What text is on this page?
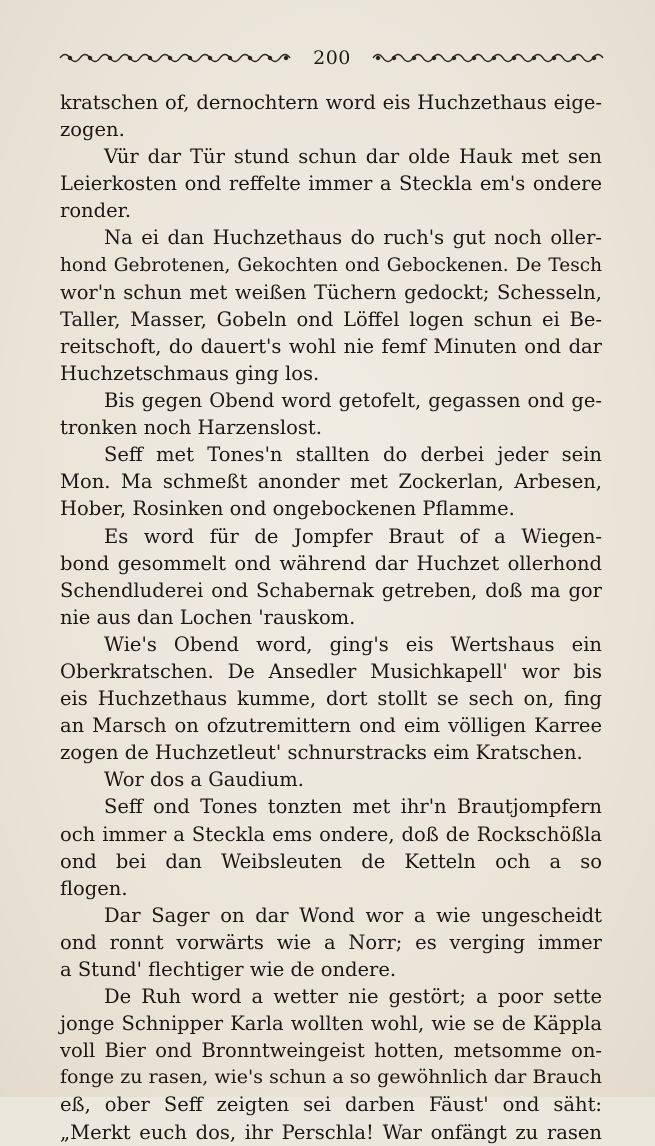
200
kratschen of, dernochtern word eis Huchzethaus eige-
zogen.
Vür dar Tür stund schun dar olde Hauk met sen
Leierkosten ond reffelte immer a Steckla em's ondere
ronder.
Na ei dan Huchzethaus do ruch's gut noch oller-
hond Gebrotenen, Gekochten ond Gebockenen. De Tesch
wor'n schun met weißen Tüchern gedockt; Schesseln,
Taller, Masser, Gobeln ond Löffel logen schun ei Be-
reitschoft, do dauert's wohl nie femf Minuten ond dar
Huchzetschmaus ging los.
Bis gegen Obend word getofelt, gegassen ond ge-
tronken noch Harzenslost.
Seff met Tones'n stallten do derbei jeder sein
Mon. Ma schmeßt anonder met Zockerlan, Arbesen,
Hober, Rosinken ond ongebockenen Pflamme.
Es word für de Jompfer Braut of a Wiegen-
bond gesommelt ond während dar Huchzet ollerhond
Schendluderei ond Schabernak getreben, doß ma gor
nie aus dan Lochen 'rauskom.
Wie's Obend word, ging's eis Wertshaus ein
Oberkratschen. De Ansedler Musichkapell' wor bis
eis Huchzethaus kumme, dort stollt se sech on, fing
an Marsch on ofzutremittern ond eim völligen Karree
zogen de Huchzetleut' schnurstracks eim Kratschen.
Wor dos a Gaudium.
Seff ond Tones tonzten met ihr'n Brautjompfern
och immer a Steckla ems ondere, doß de Rockschößla
ond bei dan Weibsleuten de Ketteln och a so
flogen.
Dar Sager on dar Wond wor a wie ungescheidt
ond ronnt vorwärts wie a Norr; es verging immer
a Stund' flechtiger wie de ondere.
De Ruh word a wetter nie gestört; a poor sette
jonge Schnipper Karla wollten wohl, wie se de Käppla
voll Bier ond Bronntweingeist hotten, metsomme on-
fonge zu rasen, wie's schun a so gewöhnlich dar Brauch
eß, ober Seff zeigten sei darben Fäust' ond säht:
„Merkt euch dos, ihr Perschla! War onfängt zu rasen
